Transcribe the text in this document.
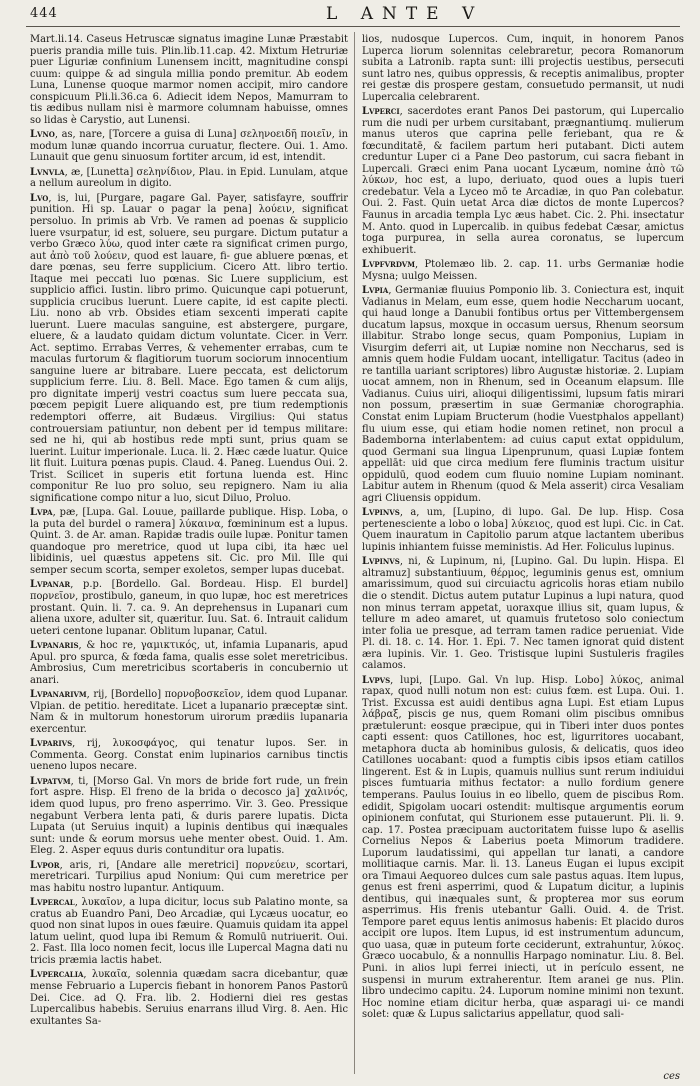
444	L ANTE V

Mart.li.14. Caseus Hetruscæ signatus imagine Lunæ Præstabit pueris prandia mille tuis. Plin.lib.11.cap. 42. Mixtum Hetruriæ puer Liguriæ confinium Lunensem incitt, magnitudine conspi cuum: quippe & ad singula millia pondo premitur. Ab eodem Luna, Lunense quoque marmor nomen accipit, miro candore conspicuum Pli.li.36.ca 6. Adiecit idem Nepos, Mamurram to tis ædibus nullam nisi è marmore columnam habuisse, omnes so lidas è Carystio, aut Lunensi.

Lvno, as, nare, [Torcere a guisa di Luna] σεληνοειδῆ ποιεῖν, in modum lunæ quando incorrua curuatur, flectere. Oui. 1. Amo. Lunauit que genu sinuosum fortiter arcum, id est, intendit.

Lvnvla, æ, [Lunetta] σεληνίδιον, Plau. in Epid. Lunulam, atque a nellum aureolum in digito.

Lvo, is, lui, [Purgare, pagare Gal. Payer, satisfayre, souffrir punition. Hi sp. Lauar o pagar la pena] λούειν, significat persoluo. In primis ab Vrb. Ve ramen ad poenas & supplicio luere vsurpatur, id est, soluere, seu purgare. Dictum putatur a verbo Græco λύω, quod inter cæte ra significat crimen purgo, aut ἀπὸ τοῦ λούειν, quod est lauare, fi- gue abluere pœnas, et dare pœnas, seu ferre supplicium. Cicero Att. libro tertio. Itaque mei peccati luo pœnas. Sic Luere supplicium, est supplicio affici. Iustin. libro primo. Quicunque capi potuerunt, supplicia crucibus luerunt. Luere capite, id est capite plecti. Liu. nono ab vrb. Obsides etiam sexcenti imperati capite luerunt. Luere maculas sanguine, est abstergere, purgare, eluere, & a laudato quidam dictum voluntate. Cicer. in Verr. Act. septimo. Errabas Verres, & vehementer errabas, cum te maculas furtorum & flagitiorum tuorum sociorum innocentium sanguine luere ar bitrabare. Luere peccata, est delictorum supplicium ferre. Liu. 8. Bell. Mace. Ego tamen & cum alijs, pro dignitate imperij vestri coactus sum luere peccata sua, pœcem pepigit Luere aliquando est, pre tium redemptionis redemptori offerre, ait Budæus. Virgilius: Qui status controuersiam patiuntur, non debent per id tempus militare: sed ne hi, qui ab hostibus rede mpti sunt, prius quam se luerint. Luitur imperionale. Luca. li. 2. Hæc cæde luatur. Quice lit fluit. Luitura pœnas pupis. Claud. 4. Paneg. Luendus Oui. 2. Trist. Scilicet in superis etit fortuna luenda est. Hinc componitur Re luo pro soluo, seu repignero. Nam iu alia significatione compo nitur a luo, sicut Diluo, Proluo.

Lvpa, pæ, [Lupa. Gal. Louue, paillarde publique. Hisp. Loba, o la puta del burdel o ramera] λύκαινα, fœmininum est a lupus. Quint. 3. de Ar. aman. Rapidæ tradis ouile lupæ. Ponitur tamen quandoque pro meretrice, quod ut lupa cibi, ita hæc uel libidinis, uel quæstus appetens sit. Cic. pro Mil. Ille qui semper secum scorta, semper exoletos, semper lupas ducebat.

Lvpanar, p.p. [Bordello. Gal. Bordeau. Hisp. El burdel] πορνεῖον, prostibulo, ganeum, in quo lupæ, hoc est meretrices prostant. Quin. li. 7. ca. 9. An deprehensus in Lupanari cum aliena uxore, adulter sit, quæritur. Iuu. Sat. 6. Intrauit calidum ueteri centone lupanar. Oblitum lupanar, Catul.

Lvpanaris, & hoc re, γαμικτικός, ut, infamia Lupanaris, apud Apul. pro spurca, & fœda fama, qualis esse solet meretricibus. Ambrosius, Cum meretricibus scortaberis in concubernio ut anari.

Lvpanarivm, rij, [Bordello] πορνοβοσκεῖον, idem quod Lupanar. Vlpian. de petitio. hereditate. Licet a lupanario præceptæ sint. Nam & in multorum honestorum uirorum prædiis lupanaria exercentur.

Lvparivs, rij, λυκοσφάγος, qui tenatur lupos. Ser. in Commenta. Georg. Constat enim lupinarios carnibus tinctis ueneno lupos necare.

Lvpatvm, ti, [Morso Gal. Vn mors de bride fort rude, un frein fort aspre. Hisp. El freno de la brida o decosco ja] χαλινός, idem quod lupus, pro freno asperrimo. Vir. 3. Geo. Pressique negabunt Verbera lenta pati, & duris parere lupatis. Dicta Lupata (ut Seruius inquit) a lupinis dentibus qui inæquales sunt: unde & eorum morsus uehe menter obest. Ouid. 1. Am. Eleg. 2. Asper equus duris contunditur ora lupatis.

Lvpor, aris, ri, [Andare alle meretrici] πορνεύειν, scortari, meretricari. Turpilius apud Nonium: Qui cum meretrice per mas habitu nostro lupantur. Antiquum.

Lvpercal, λυκαῖον, a lupa dicitur, locus sub Palatino monte, sa cratus ab Euandro Pani, Deo Arcadiæ, qui Lycæus uocatur, eo quod non sinat lupos in oues fæuire. Quamuis quidam ita appel latum uelint, quod lupa ibi Remum & Romulū nutriuerit. Oui. 2. Fast. Illa loco nomen fecit, locus ille Lupercal Magna dati nu tricis præmia lactis habet.

Lvpercalia, λυκαῖα, solennia quædam sacra dicebantur, quæ mense Februario a Lupercis fiebant in honorem Panos Pastorū Dei. Cice. ad Q. Fra. lib. 2. Hodierni diei res gestas Lupercalibus habebis. Seruius enarrans illud Virg. 8. Aen. Hic exultantes Sa-

lios, nudosque Lupercos. Cum, inquit, in honorem Panos Luperca liorum solennitas celebraretur, pecora Romanorum subita a Latronib. rapta sunt: illi projectis uestibus, persecuti sunt latro nes, quibus oppressis, & receptis animalibus, propter rei gestæ dis prospere gestam, consuetudo permansit, ut nudi Lupercalia celebrarent.

Lvperci, sacerdotes erant Panos Dei pastorum, qui Lupercalio rum die nudi per urbem cursitabant, prægnantiumq. mulierum manus uteros que caprina pelle feriebant, qua re & fœcunditatē, & facilem partum heri putabant. Dicti autem creduntur Luper ci a Pane Deo pastorum, cui sacra fiebant in Lupercali. Græci enim Pana uocant Lycæum, nomine ἀπὸ τῶ λύκων, hoc est, a lupo, deriuato, quod oues a lupis tueri credebatur. Vela a Lyceo mō te Arcadiæ, in quo Pan colebatur. Oui. 2. Fast. Quin uetat Arca diæ dictos de monte Lupercos? Faunus in arcadia templa Lyc æus habet. Cic. 2. Phi. insectatur M. Anto. quod in Lupercalib. in quibus fedebat Cæsar, amictus toga purpurea, in sella aurea coronatus, se lupercum exhibuerit.

Lvpfvrdvm, Ptolemæo lib. 2. cap. 11. urbs Germaniæ hodie Mysna; uulgo Meissen.

Lvpia, Germaniæ fluuius Pomponio lib. 3. Coniectura est, inquit Vadianus in Melam, eum esse, quem hodie Neccharum uocant, qui haud longe a Danubii fontibus ortus per Vittembergensem ducatum lapsus, moxque in occasum uersus, Rhenum seorsum illabitur. Strabo longe secus, quam Pomponius, Lupiam in Visurgim deferri ait, ut Lupiæ nomine non Neccharus, sed is amnis quem hodie Fuldam uocant, intelligatur. Tacitus (adeo in re tantilla uariant scriptores) libro Augustæ historiæ. 2. Lupiam uocat amnem, non in Rhenum, sed in Oceanum elapsum. Ille Vadianus. Cuius uiri, alioqui diligentissimi, lupsum fatis mirari non possum, præsertim in suæ Germaniæ chorographia. Constat enim Lupiam Bructerum (hodie Vuestphalos appellant) flu uium esse, qui etiam hodie nomen retinet, non procul a Bademborna interlabentem: ad cuius caput extat oppidulum, quod Germani sua lingua Lipenprunum, quasi Lupiæ fontem appellāt: uid que circa medium fere fluminis tractum uisitur oppidulū, quod eodem cum fluuio nomine Lupiam nominant. Labitur autem in Rhenum (quod & Mela asserit) circa Vesaliam agri Cliuensis oppidum.

Lvpinvs, a, um, [Lupino, di lupo. Gal. De lup. Hisp. Cosa pertenesciente a lobo o loba] λύκειος, quod est lupi. Cic. in Cat. Quem inauratum in Capitolio parum atque lactantem uberibus lupinis inhiantem fuisse meministis. Ad Her. Foliculus lupinus.

Lvpinvs, ni, & Lupinum, ni, [Lupino. Gal. Du lupin. Hispa. El altramuz] substantiuum, θέρμος, leguminis genus est, omnium amarissimum, quod sui circuiactu agricolis horas etiam nubilo die o stendit. Dictus autem putatur Lupinus a lupi natura, quod non minus terram appetat, uoraxque illius sit, quam lupus, & tellure m adeo amaret, ut quamuis frutetoso solo coniectum inter folia ue presque, ad terram tamen radice perueniat. Vide Pl. di. 18. c. 14. Hor. 1. Epi. 7. Nec tamen ignorat quid distent æra lupinis. Vir. 1. Geo. Tristisque lupini Sustuleris fragiles calamos.

Lvpvs, lupi, [Lupo. Gal. Vn lup. Hisp. Lobo] λύκος, animal rapax, quod nulli notum non est: cuius fœm. est Lupa. Oui. 1. Trist. Excussa est auidi dentibus agna Lupi. Est etiam Lupus λάβραξ, piscis ge nus, quem Romani olim piscibus omnibus prætulerunt: eosque præcipue, qui in Tiberi inter duos pontes capti essent: quos Catillones, hoc est, ligurritores uocabant, metaphora ducta ab hominibus gulosis, & delicatis, quos ideo Catillones uocabant: quod a fumptis cibis ipsos etiam catillos lingerent. Est & in Lupis, quamuis nullius sunt rerum indiuidui pisces fumtuaria mithus fectator: a nullo fordium genere temperans. Paulus Iouius in eo libello, quem de piscibus Rom. edidit, Spigolam uocari ostendit: multisque argumentis eorum opinionem confutat, qui Sturionem esse putauerunt. Pli. li. 9. cap. 17. Postea præcipuam auctoritatem fuisse lupo & asellis Cornelius Nepos & Laberius poeta Mimorum tradidere. Luporum laudatissimi, qui appellan tur lanati, a candore mollitiaque carnis. Mar. li. 13. Laneus Eugan ei lupus excipit ora Timaui Aequoreo dulces cum sale pastus aquas. Item lupus, genus est freni asperrimi, quod & Lupatum dicitur, a lupinis dentibus, qui inæquales sunt, & propterea mor sus eorum asperrimus. His frenis utebantur Galli. Ouid. 4. de Trist. Tempore paret equus lentis animosus habenis: Et placido duros accipit ore lupos. Item Lupus, id est instrumentum aduncum, quo uasa, quæ in puteum forte ceciderunt, extrahuntur, λύκος. Græco uocabulo, & a nonnullis Harpago nominatur. Liu. 8. Bel. Puni. in alios lupi ferrei iniecti, ut in perículo essent, ne suspensi in murum extraherentur. Item aranei ge nus. Plin. libro undecimo capitu. 24. Luporum nomine minimi non texunt. Hoc nomine etiam dicitur herba, quæ asparagi ui- ce mandi solet: quæ & Lupus salictarius appellatur, quod sali-

ces
